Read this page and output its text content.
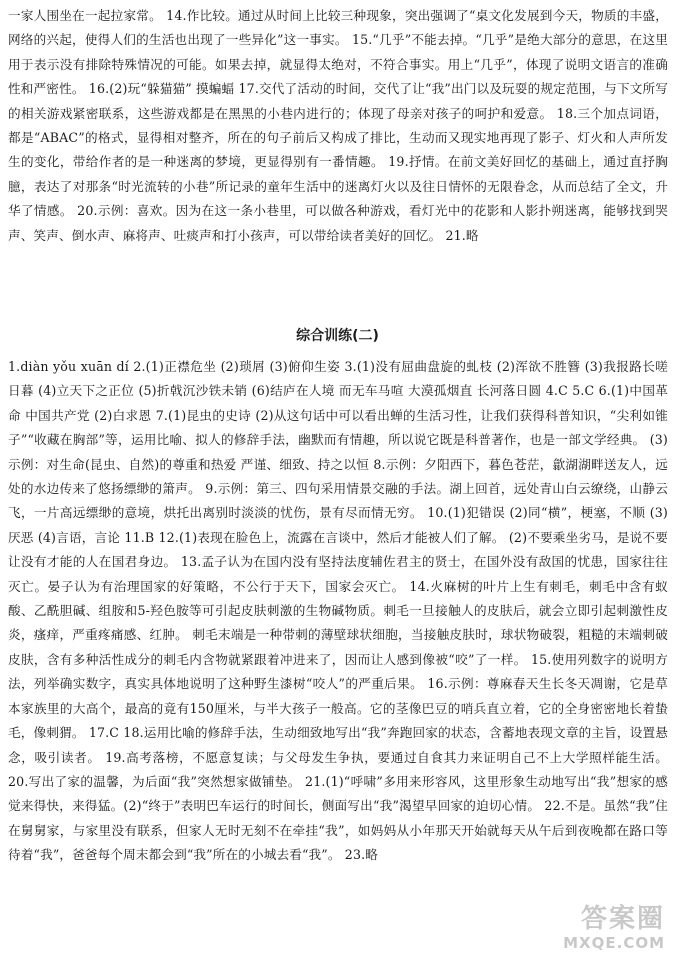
一家人围坐在一起拉家常。 14.作比较。通过从时间上比较三种现象，突出强调了“桌文化发展到今天，物质的丰盛，网络的兴起，使得人们的生活也出现了一些异化”这一事实。 15.“几乎”不能去掉。“几乎”是绝大部分的意思，在这里用于表示没有排除特殊情况的可能。如果去掉，就显得太绝对，不符合事实。用上“几乎”，体现了说明文语言的准确性和严密性。 16.(2)玩“躲猫猫” 摸蝙蝠 17.交代了活动的时间，交代了让“我”出门以及玩耍的规定范围，与下文所写的相关游戏紧密联系，这些游戏都是在黑黑的小巷内进行的；体现了母亲对孩子的呵护和爱意。 18.三个加点词语，都是“ABAC”的格式，显得相对整齐，所在的句子前后又构成了排比，生动而又现实地再现了影子、灯火和人声所发生的变化，带给作者的是一种迷离的梦境，更显得别有一番情趣。 19.抒情。在前文美好回忆的基础上，通过直抒胸臆，表达了对那条“时光流转的小巷”所记录的童年生活中的迷离灯火以及往日情怀的无限眷念，从而总结了全文，升华了情感。 20.示例：喜欢。因为在这一条小巷里，可以做各种游戏，看灯光中的花影和人影扑朔迷离，能够找到哭声、笑声、倒水声、麻将声、吐痰声和打小孩声，可以带给读者美好的回忆。 21.略
综合训练(二)
1.diàn yǒu xuān dí 2.(1)正襟危坐 (2)琐屑 (3)俯仰生姿 3.(1)没有屈曲盘旋的虬枝 (2)浑欲不胜簪 (3)我报路长嗟日暮 (4)立天下之正位 (5)折戟沉沙铁未销 (6)结庐在人境 而无车马喧 大漠孤烟直 长河落日圆 4.C 5.C 6.(1)中国革命 中国共产党 (2)白求恩 7.(1)昆虫的史诗 (2)从这句话中可以看出蝉的生活习性，让我们获得科普知识，“尖利如锥子”“收藏在胸部”等，运用比喻、拟人的修辞手法，幽默而有情趣，所以说它既是科普著作，也是一部文学经典。 (3)示例：对生命(昆虫、自然)的尊重和热爱 严谨、细致、持之以恒 8.示例：夕阳西下，暮色苍茫，歙湖湖畔送友人，远处的水边传来了悠扬缥缈的箫声。 9.示例：第三、四句采用情景交融的手法。湖上回首，远处青山白云缭绕，山静云飞，一片高远缥缈的意境，烘托出离别时淡淡的忧伤，景有尽而情无穷。 10.(1)犯错误 (2)同“横”，梗塞，不顺 (3)厌恶 (4)言语，言论 11.B 12.(1)表现在脸色上，流露在言谈中，然后才能被人们了解。 (2)不要乘坐劣马，是说不要让没有才能的人在国君身边。 13.孟子认为在国内没有坚持法度辅佐君主的贤士，在国外没有敌国的忧患，国家往往灭亡。晏子认为有治理国家的好策略，不公行于天下，国家会灭亡。 14.火麻树的叶片上生有刺毛，刺毛中含有蚁酸、乙酰胆碱、组胺和5-羟色胺等可引起皮肤刺激的生物碱物质。刺毛一旦接触人的皮肤后，就会立即引起刺激性皮炎，瘙痒，严重疼痛感、红肿。 刺毛末端是一种带刺的薄壁球状细胞，当接触皮肤时，球状物破裂，粗糙的末端刺破皮肤，含有多种活性成分的刺毛内含物就紧跟着冲进来了，因而让人感到像被“咬”了一样。 15.使用列数字的说明方法，列举确实数字，真实具体地说明了这种野生漆树“咬人”的严重后果。 16.示例：尊麻春天生长冬天凋谢，它是草本家族里的大高个，最高的竟有150厘米，与半大孩子一般高。它的茎像巴豆的哨兵直立着，它的全身密密地长着蛰毛，像刺猬。 17.C 18.运用比喻的修辞手法，生动细致地写出“我”奔跑回家的状态，含蓄地表现文章的主旨，设置悬念，吸引读者。 19.高考落榜，不愿意复读；与父母发生争执，要通过自食其力来证明自己不上大学照样能生活。 20.写出了家的温馨，为后面“我”突然想家做铺垫。 21.(1)“呼啸”多用来形容风，这里形象生动地写出“我”想家的感觉来得快，来得猛。(2)“终于”表明巴车运行的时间长，侧面写出“我”渴望早回家的迫切心情。 22.不是。虽然“我”住在舅舅家，与家里没有联系，但家人无时无刻不在牵挂“我”，如妈妈从小年那天开始就每天从午后到夜晚都在路口等待着“我”，爸爸每个周末都会到“我”所在的小城去看“我”。 23.略
答案圈
MXQE.COM
